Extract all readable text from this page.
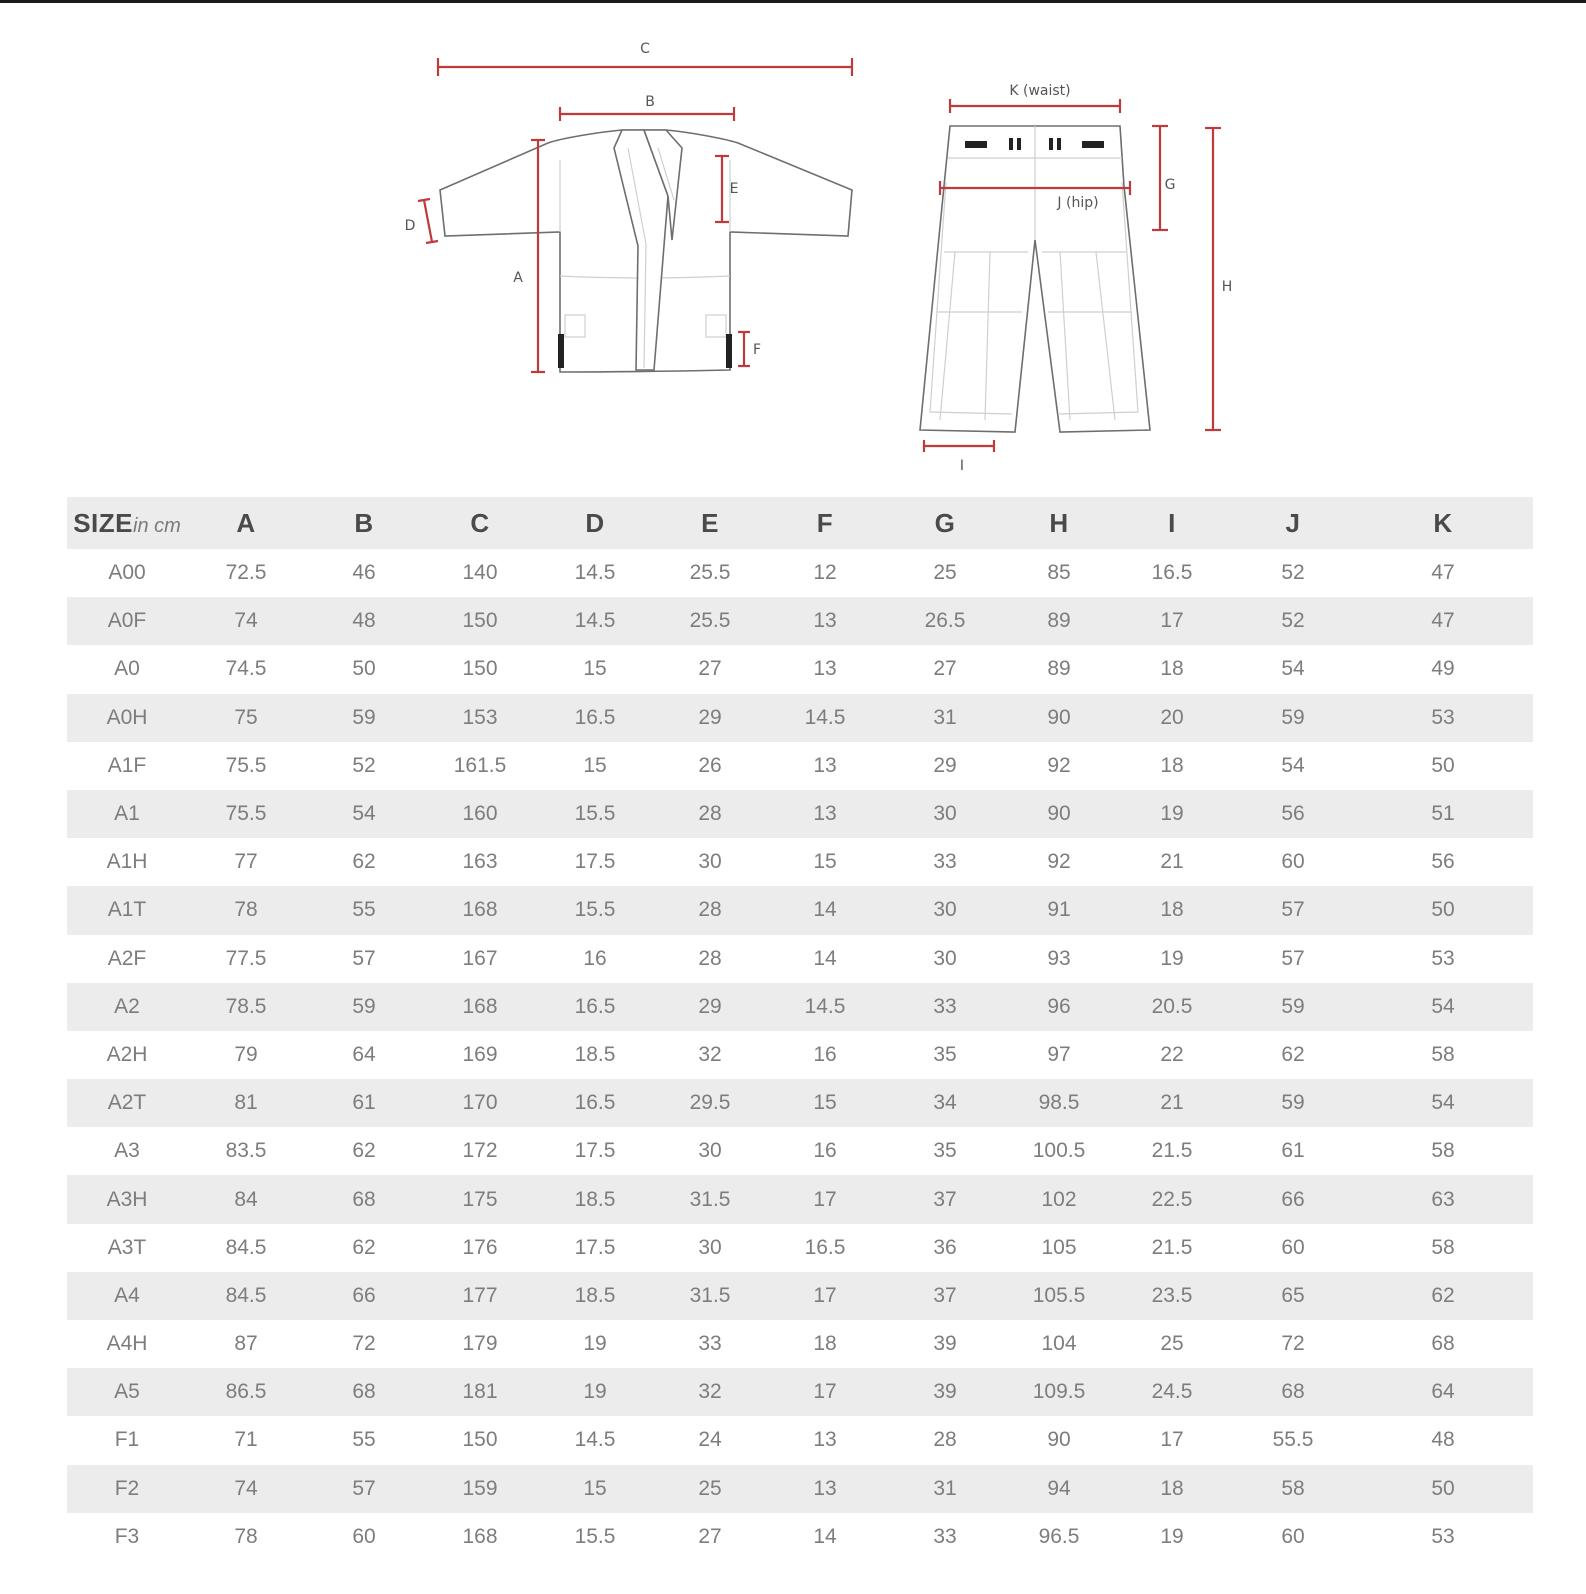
C
B
A
D
E
F
K (waist)
J (hip)
G
H
I
SIZEin cm	A	B	C	D	E	F	G	H	I	J	K
A00	72.5	46	140	14.5	25.5	12	25	85	16.5	52	47
A0F	74	48	150	14.5	25.5	13	26.5	89	17	52	47
A0	74.5	50	150	15	27	13	27	89	18	54	49
A0H	75	59	153	16.5	29	14.5	31	90	20	59	53
A1F	75.5	52	161.5	15	26	13	29	92	18	54	50
A1	75.5	54	160	15.5	28	13	30	90	19	56	51
A1H	77	62	163	17.5	30	15	33	92	21	60	56
A1T	78	55	168	15.5	28	14	30	91	18	57	50
A2F	77.5	57	167	16	28	14	30	93	19	57	53
A2	78.5	59	168	16.5	29	14.5	33	96	20.5	59	54
A2H	79	64	169	18.5	32	16	35	97	22	62	58
A2T	81	61	170	16.5	29.5	15	34	98.5	21	59	54
A3	83.5	62	172	17.5	30	16	35	100.5	21.5	61	58
A3H	84	68	175	18.5	31.5	17	37	102	22.5	66	63
A3T	84.5	62	176	17.5	30	16.5	36	105	21.5	60	58
A4	84.5	66	177	18.5	31.5	17	37	105.5	23.5	65	62
A4H	87	72	179	19	33	18	39	104	25	72	68
A5	86.5	68	181	19	32	17	39	109.5	24.5	68	64
F1	71	55	150	14.5	24	13	28	90	17	55.5	48
F2	74	57	159	15	25	13	31	94	18	58	50
F3	78	60	168	15.5	27	14	33	96.5	19	60	53
